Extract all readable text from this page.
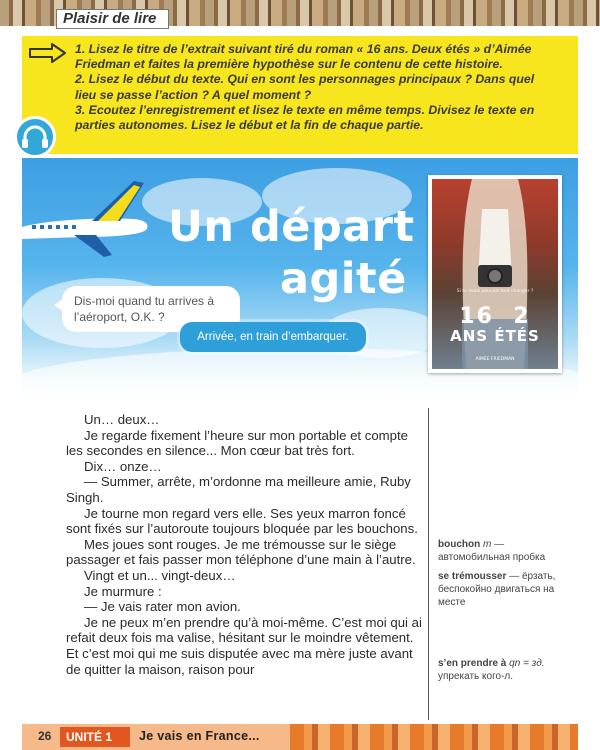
Plaisir de lire

1. Lisez le titre de l’extrait suivant tiré du roman « 16 ans. Deux étés » d’Aimée Friedman et faites la première hypothèse sur le contenu de cette histoire.

2. Lisez le début du texte. Qui en sont les personnages principaux ? Dans quel lieu se passe l’action ? A quel moment ?

3. Ecoutez l’enregistrement et lisez le texte en même temps. Divisez le texte en parties autonomes. Lisez le début et la fin de chaque partie.

Un départ
agité
Dis-moi quand tu arrives à l’aéroport, O.K. ?
Arrivée, en train d’embarquer.
Si tu avais pouvais tout changer ?
16 2
ANS ÉTÉS
AIMÉE FRIEDMAN

Un… deux…

Je regarde fixement l’heure sur mon portable et compte les secondes en silence... Mon cœur bat très fort.

Dix… onze…

— Summer, arrête, m’ordonne ma meilleure amie, Ruby Singh.

Je tourne mon regard vers elle. Ses yeux marron foncé sont fixés sur l’autoroute toujours bloquée par les bouchons.

Mes joues sont rouges. Je me trémousse sur le siège passager et fais passer mon téléphone d’une main à l’autre.

Vingt et un... vingt-deux…

Je murmure :

— Je vais rater mon avion.

Je ne peux m’en prendre qu’à moi-même. C’est moi qui ai refait deux fois ma valise, hésitant sur le moindre vêtement. Et c’est moi qui me suis disputée avec ma mère juste avant de quitter la maison, raison pour

bouchon m — автомобильная пробка
se trémousser — ёрзать, беспокойно двигаться на месте
s’en prendre à qn = зд. упрекать кого-л.
26	UNITÉ 1	Je vais en France...
